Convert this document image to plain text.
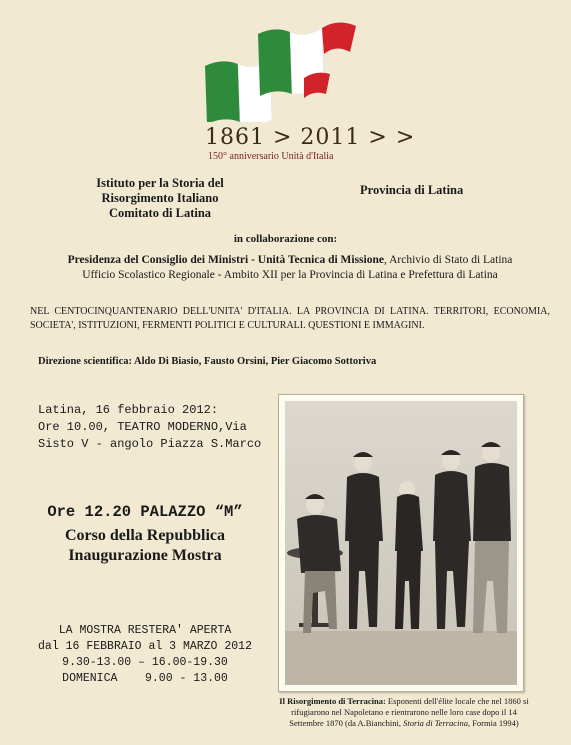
1861 > 2011 > >
150° anniversario Unità d'Italia
Istituto per la Storia del
Risorgimento Italiano
Comitato di Latina
Provincia di Latina
in collaborazione con:
Presidenza del Consiglio dei Ministri - Unità Tecnica di Missione, Archivio di Stato di Latina
Ufficio Scolastico Regionale - Ambito XII per la Provincia di Latina e Prefettura di Latina
NEL CENTOCINQUANTENARIO DELL'UNITA' D'ITALIA. LA PROVINCIA DI LATINA. TERRITORI, ECONOMIA, SOCIETA', ISTITUZIONI, FERMENTI POLITICI E CULTURALI. QUESTIONI E IMMAGINI.
Direzione scientifica: Aldo Di Biasio, Fausto Orsini, Pier Giacomo Sottoriva
Latina, 16 febbraio 2012:
Ore 10.00, TEATRO MODERNO,Via
Sisto V - angolo Piazza S.Marco
Ore 12.20 PALAZZO “M”
Corso della Repubblica
Inaugurazione Mostra
LA MOSTRA RESTERA' APERTA
dal 16 FEBBRAIO al 3 MARZO 2012
9.30-13.00 – 16.00-19.30
DOMENICA    9.00 - 13.00
Il Risorgimento di Terracina: Esponenti dell'élite locale che nel 1860 si rifugiarono nel Napoletano e rientrarono nelle loro case dopo il 14 Settembre 1870 (da A.Bianchini, Storia di Terracina, Formia 1994)
